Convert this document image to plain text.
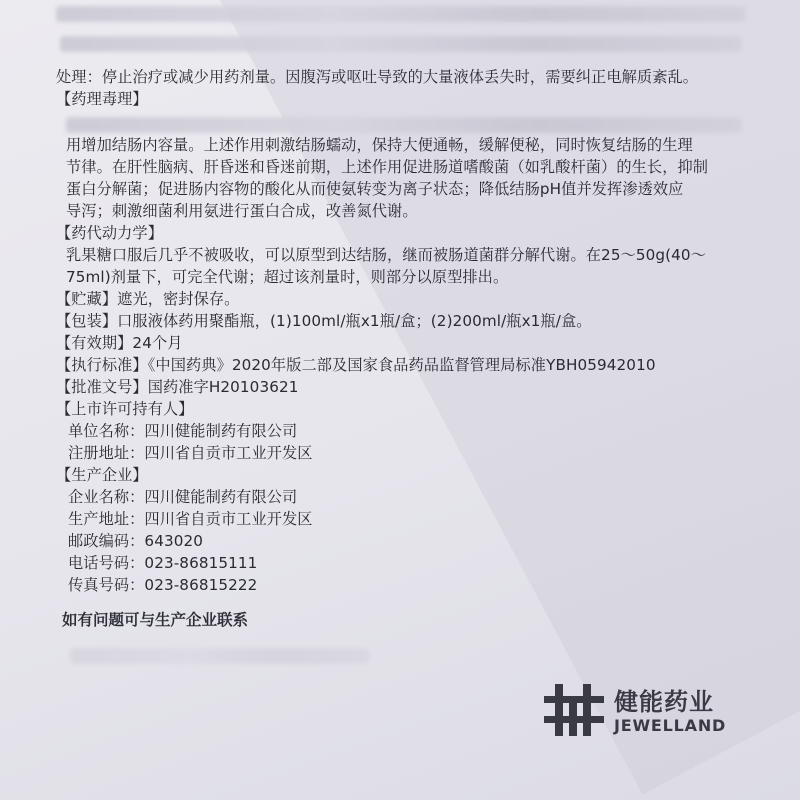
处理：停止治疗或减少用药剂量。因腹泻或呕吐导致的大量液体丢失时，需要纠正电解质紊乱。
【药理毒理】
用增加结肠内容量。上述作用刺激结肠蠕动，保持大便通畅，缓解便秘，同时恢复结肠的生理
节律。在肝性脑病、肝昏迷和昏迷前期，上述作用促进肠道嗜酸菌（如乳酸杆菌）的生长，抑制
蛋白分解菌；促进肠内容物的酸化从而使氨转变为离子状态；降低结肠pH值并发挥渗透效应
导泻；刺激细菌利用氨进行蛋白合成，改善氮代谢。
【药代动力学】
乳果糖口服后几乎不被吸收，可以原型到达结肠，继而被肠道菌群分解代谢。在25～50g(40～
75ml)剂量下，可完全代谢；超过该剂量时，则部分以原型排出。
【贮藏】遮光，密封保存。
【包装】口服液体药用聚酯瓶，(1)100ml/瓶x1瓶/盒；(2)200ml/瓶x1瓶/盒。
【有效期】24个月
【执行标准】《中国药典》2020年版二部及国家食品药品监督管理局标准YBH05942010
【批准文号】国药准字H20103621
【上市许可持有人】
单位名称：四川健能制药有限公司
注册地址：四川省自贡市工业开发区
【生产企业】
企业名称：四川健能制药有限公司
生产地址：四川省自贡市工业开发区
邮政编码：643020
电话号码：023-86815111
传真号码：023-86815222
如有问题可与生产企业联系
健能药业
JEWELLAND
